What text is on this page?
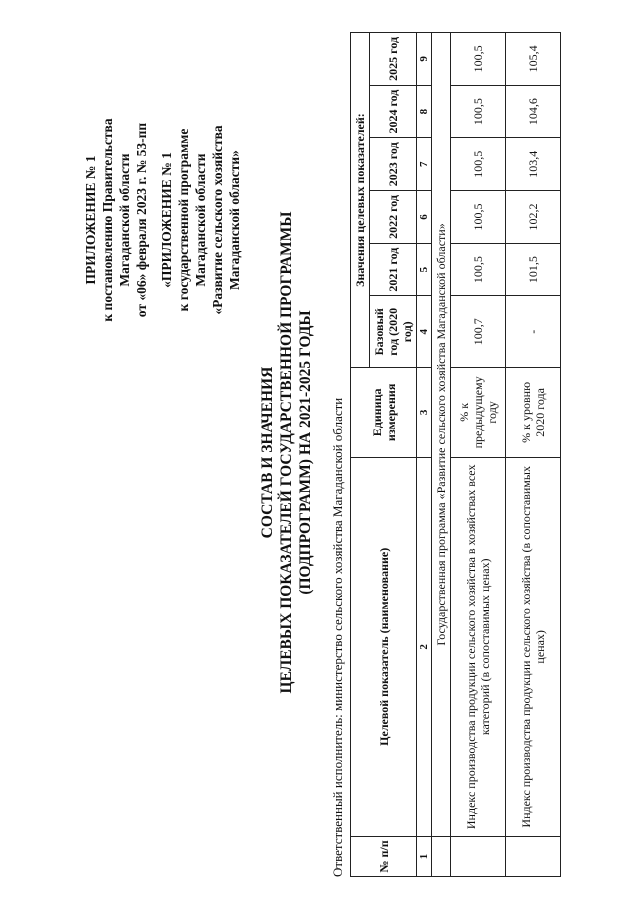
ПРИЛОЖЕНИЕ № 1 к постановлению Правительства Магаданской области от «06» февраля 2023 г. № 53-пп «ПРИЛОЖЕНИЕ № 1 к государственной программе Магаданской области «Развитие сельского хозяйства Магаданской области»
СОСТАВ И ЗНАЧЕНИЯ ЦЕЛЕВЫХ ПОКАЗАТЕЛЕЙ ГОСУДАРСТВЕННОЙ ПРОГРАММЫ (ПОДПРОГРАММ) НА 2021-2025 ГОДЫ Ответственный исполнитель: министерство сельского хозяйства Магаданской области	№ п/п	Целевой показатель (наименование)	Единица измерения	Значения целевых показателей:					
			Базовый год (2020 год)	2021 год	2022 год	2023 год	2024 год	2025 год
1	2	3	4	5	6	7	8	9
	Государственная программа «Развитие сельского хозяйства Магаданской области»							
	Индекс производства продукции сельского хозяйства в хозяйствах всех категорий (в сопоставимых ценах)	% к предыдущему году	100,7	100,5	100,5	100,5	100,5	100,5
	Индекс производства продукции сельского хозяйства (в сопоставимых ценах)	% к уровню 2020 года	-	101,5	102,2	103,4	104,6	105,4
